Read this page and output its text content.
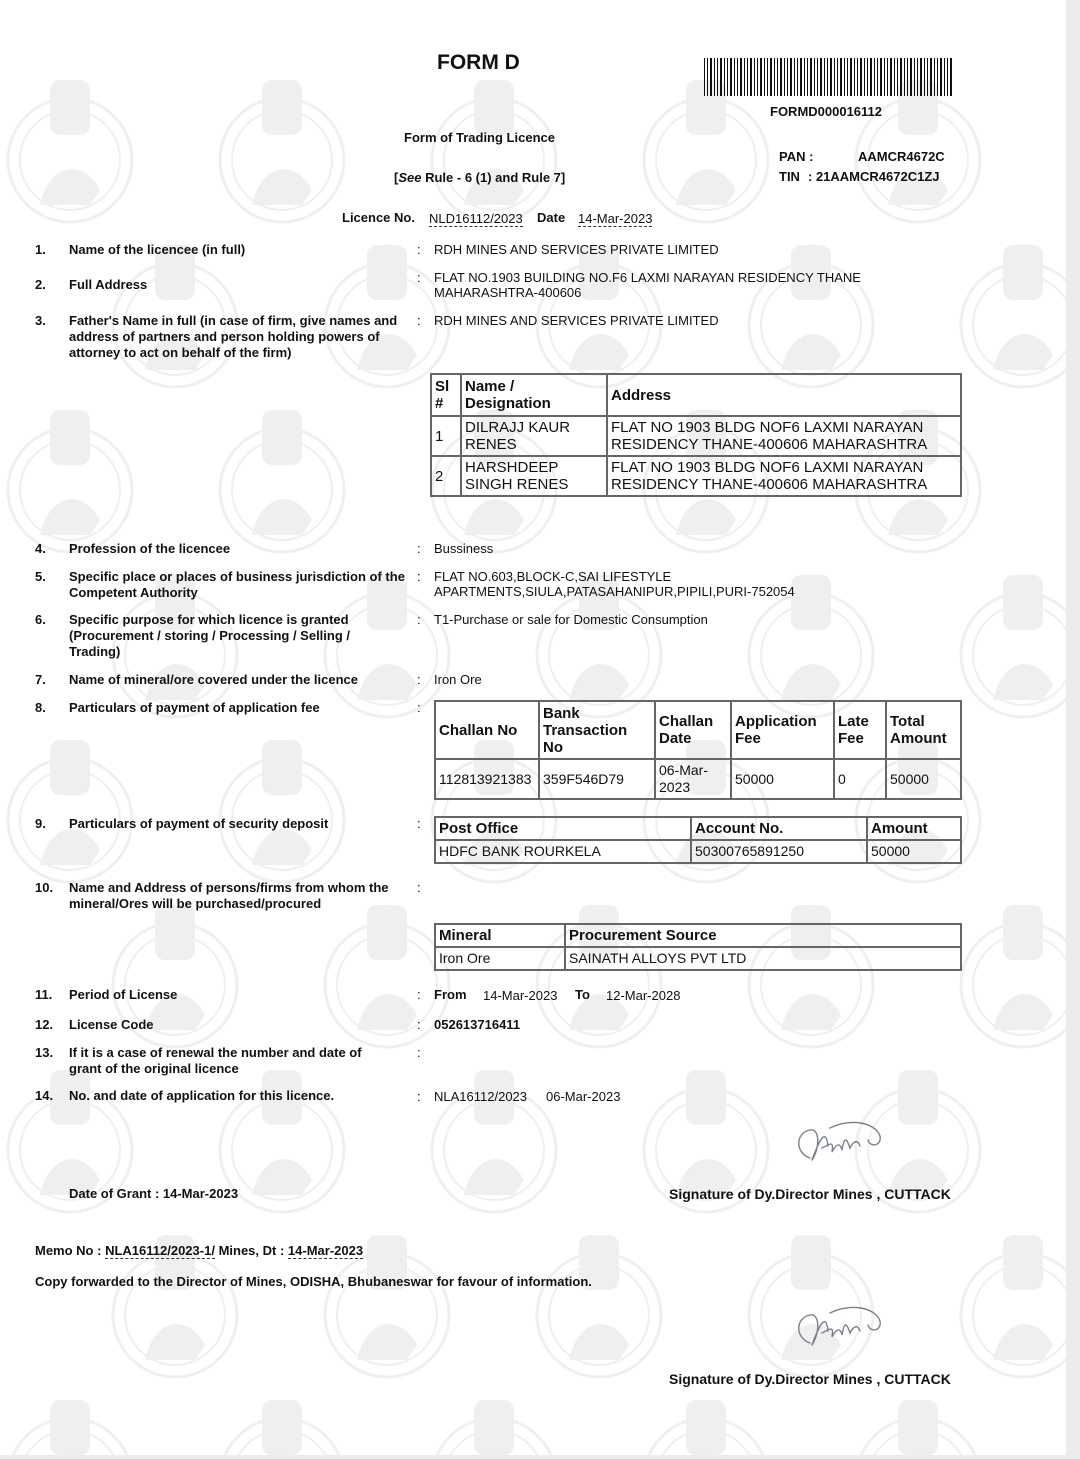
FORM D
FORMD000016112
Form of Trading Licence
[See Rule - 6 (1) and Rule 7]
PAN :	AAMCR4672C
TIN : 21AAMCR4672C1ZJ
Licence No. NLD16112/2023 Date 14-Mar-2023
1. Name of the licencee (in full)	: RDH MINES AND SERVICES PRIVATE LIMITED
2. Full Address	: FLAT NO.1903 BUILDING NO.F6 LAXMI NARAYAN RESIDENCY THANE
MAHARASHTRA-400606
3. Father's Name in full (in case of firm, give names and address of partners and person holding powers of attorney to act on behalf of the firm)
: RDH MINES AND SERVICES PRIVATE LIMITED
Sl #	Name / Designation	Address
1	DILRAJJ KAUR RENES	FLAT NO 1903 BLDG NOF6 LAXMI NARAYAN RESIDENCY THANE-400606 MAHARASHTRA
2	HARSHDEEP SINGH RENES	FLAT NO 1903 BLDG NOF6 LAXMI NARAYAN RESIDENCY THANE-400606 MAHARASHTRA
4. Profession of the licencee	: Bussiness
5. Specific place or places of business jurisdiction of the Competent Authority
: FLAT NO.603,BLOCK-C,SAI LIFESTYLE
APARTMENTS,SIULA,PATASAHANIPUR,PIPILI,PURI-752054
6. Specific purpose for which licence is granted (Procurement / storing / Processing / Selling / Trading)
: T1-Purchase or sale for Domestic Consumption
7. Name of mineral/ore covered under the licence	: Iron Ore
8. Particulars of payment of application fee	:
Challan No	Bank Transaction No	Challan Date	Application Fee	Late Fee	Total Amount
112813921383	359F546D79	06-Mar-2023	50000	0	50000
9. Particulars of payment of security deposit	: Post Office	Account No.	Amount
HDFC BANK ROURKELA	50300765891250	50000
10. Name and Address of persons/firms from whom the mineral/Ores will be purchased/procured
:
Mineral	Procurement Source
Iron Ore	SAINATH ALLOYS PVT LTD
11. Period of License	: From 14-Mar-2023 To 12-Mar-2028
12. License Code	: 052613716411
13. If it is a case of renewal the number and date of grant of the original licence
:
14. No. and date of application for this licence.	: NLA16112/2023 06-Mar-2023
Date of Grant : 14-Mar-2023	Signature of Dy.Director Mines , CUTTACK
Memo No : NLA16112/2023-1/ Mines, Dt : 14-Mar-2023
Copy forwarded to the Director of Mines, ODISHA, Bhubaneswar for favour of information.
Signature of Dy.Director Mines , CUTTACK
